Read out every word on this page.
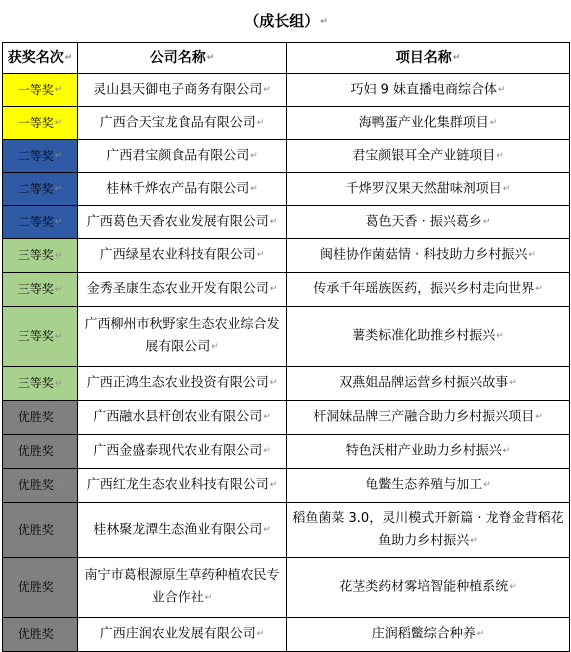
（成长组）↵		
获奖名次↵	公司名称↵	项目名称↵
一等奖↵	灵山县天御电子商务有限公司↵	巧妇 9 妹直播电商综合体↵
一等奖↵	广西合天宝龙食品有限公司↵	海鸭蛋产业化集群项目↵
二等奖↵	广西君宝颜食品有限公司↵	君宝颜银耳全产业链项目↵
二等奖↵	桂林千烨农产品有限公司↵	千烨罗汉果天然甜味剂项目↵
二等奖↵	广西葛色天香农业发展有限公司↵	葛色天香 · 振兴葛乡↵
三等奖↵	广西绿星农业科技有限公司↵	闽桂协作菌菇情 · 科技助力乡村振兴↵
三等奖↵	金秀圣康生态农业开发有限公司↵	传承千年瑶族医药，振兴乡村走向世界↵
三等奖↵	广西柳州市秋野家生态农业综合发展有限公司↵	薯类标准化助推乡村振兴↵
三等奖↵	广西正鸿生态农业投资有限公司↵	双燕姐品牌运营乡村振兴故事↵
优胜奖↵	广西融水县杆创农业有限公司↵	杆洞妹品牌三产融合助力乡村振兴项目↵
优胜奖↵	广西金盛泰现代农业有限公司↵	特色沃柑产业助力乡村振兴↵
优胜奖↵	广西红龙生态农业科技有限公司↵	龟鳖生态养殖与加工↵
优胜奖↵	桂林聚龙潭生态渔业有限公司↵	稻鱼菌菜 3.0，灵川模式开新篇 · 龙脊金背稻花鱼助力乡村振兴↵
优胜奖↵	南宁市葛根源原生草药种植农民专业合作社↵	花茎类药材雾培智能种植系统↵
优胜奖↵	广西庄润农业发展有限公司↵	庄润稻鳖综合种养↵
